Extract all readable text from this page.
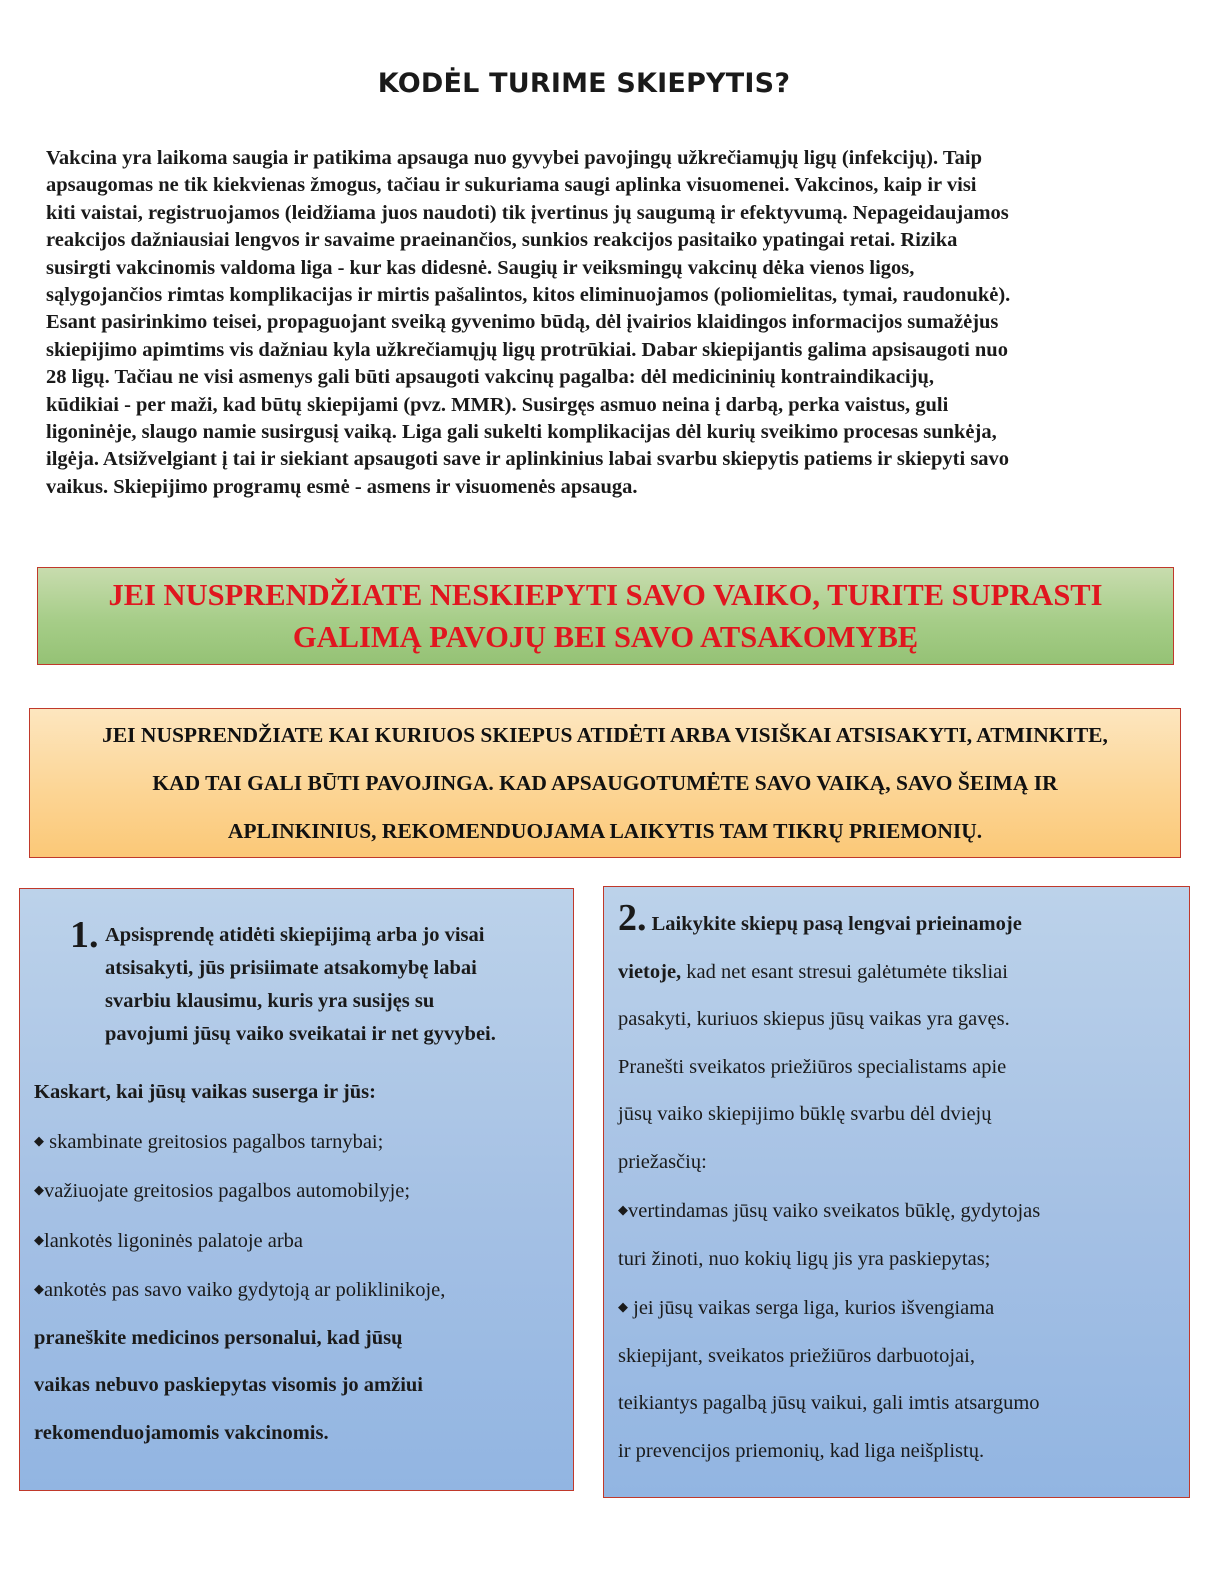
KODĖL TURIME SKIEPYTIS?
Vakcina yra laikoma saugia ir patikima apsauga nuo gyvybei pavojingų užkrečiamųjų ligų (infekcijų). Taip
apsaugomas ne tik kiekvienas žmogus, tačiau ir sukuriama saugi aplinka visuomenei. Vakcinos, kaip ir visi
kiti vaistai, registruojamos (leidžiama juos naudoti) tik įvertinus jų saugumą ir efektyvumą. Nepageidaujamos
reakcijos dažniausiai lengvos ir savaime praeinančios, sunkios reakcijos pasitaiko ypatingai retai. Rizika
susirgti vakcinomis valdoma liga - kur kas didesnė. Saugių ir veiksmingų vakcinų dėka vienos ligos,
sąlygojančios rimtas komplikacijas ir mirtis pašalintos, kitos eliminuojamos (poliomielitas, tymai, raudonukė).
Esant pasirinkimo teisei, propaguojant sveiką gyvenimo būdą, dėl įvairios klaidingos informacijos sumažėjus
skiepijimo apimtims vis dažniau kyla užkrečiamųjų ligų protrūkiai. Dabar skiepijantis galima apsisaugoti nuo
28 ligų. Tačiau ne visi asmenys gali būti apsaugoti vakcinų pagalba: dėl medicininių kontraindikacijų,
kūdikiai - per maži, kad būtų skiepijami (pvz. MMR). Susirgęs asmuo neina į darbą, perka vaistus, guli
ligoninėje, slaugo namie susirgusį vaiką. Liga gali sukelti komplikacijas dėl kurių sveikimo procesas sunkėja,
ilgėja. Atsižvelgiant į tai ir siekiant apsaugoti save ir aplinkinius labai svarbu skiepytis patiems ir skiepyti savo
vaikus. Skiepijimo programų esmė - asmens ir visuomenės apsauga.
JEI NUSPRENDŽIATE NESKIEPYTI SAVO VAIKO, TURITE SUPRASTI
GALIMĄ PAVOJŲ BEI SAVO ATSAKOMYBĘ
JEI NUSPRENDŽIATE KAI KURIUOS SKIEPUS ATIDĖTI ARBA VISIŠKAI ATSISAKYTI, ATMINKITE,
KAD TAI GALI BŪTI PAVOJINGA. KAD APSAUGOTUMĖTE SAVO VAIKĄ, SAVO ŠEIMĄ IR
APLINKINIUS, REKOMENDUOJAMA LAIKYTIS TAM TIKRŲ PRIEMONIŲ.
1. Apsisprendę atidėti skiepijimą arba jo visai
atsisakyti, jūs prisiimate atsakomybę labai
svarbiu klausimu, kuris yra susijęs su
pavojumi jūsų vaiko sveikatai ir net gyvybei.
Kaskart, kai jūsų vaikas suserga ir jūs:
◆ skambinate greitosios pagalbos tarnybai;
◆važiuojate greitosios pagalbos automobilyje;
◆lankotės ligoninės palatoje arba
◆ankotės pas savo vaiko gydytoją ar poliklinikoje,
praneškite medicinos personalui, kad jūsų
vaikas nebuvo paskiepytas visomis jo amžiui
rekomenduojamomis vakcinomis.
2. Laikykite skiepų pasą lengvai prieinamoje
vietoje, kad net esant stresui galėtumėte tiksliai
pasakyti, kuriuos skiepus jūsų vaikas yra gavęs.
Pranešti sveikatos priežiūros specialistams apie
jūsų vaiko skiepijimo būklę svarbu dėl dviejų
priežasčių:
◆vertindamas jūsų vaiko sveikatos būklę, gydytojas
turi žinoti, nuo kokių ligų jis yra paskiepytas;
◆ jei jūsų vaikas serga liga, kurios išvengiama
skiepijant, sveikatos priežiūros darbuotojai,
teikiantys pagalbą jūsų vaikui, gali imtis atsargumo
ir prevencijos priemonių, kad liga neišplistų.
